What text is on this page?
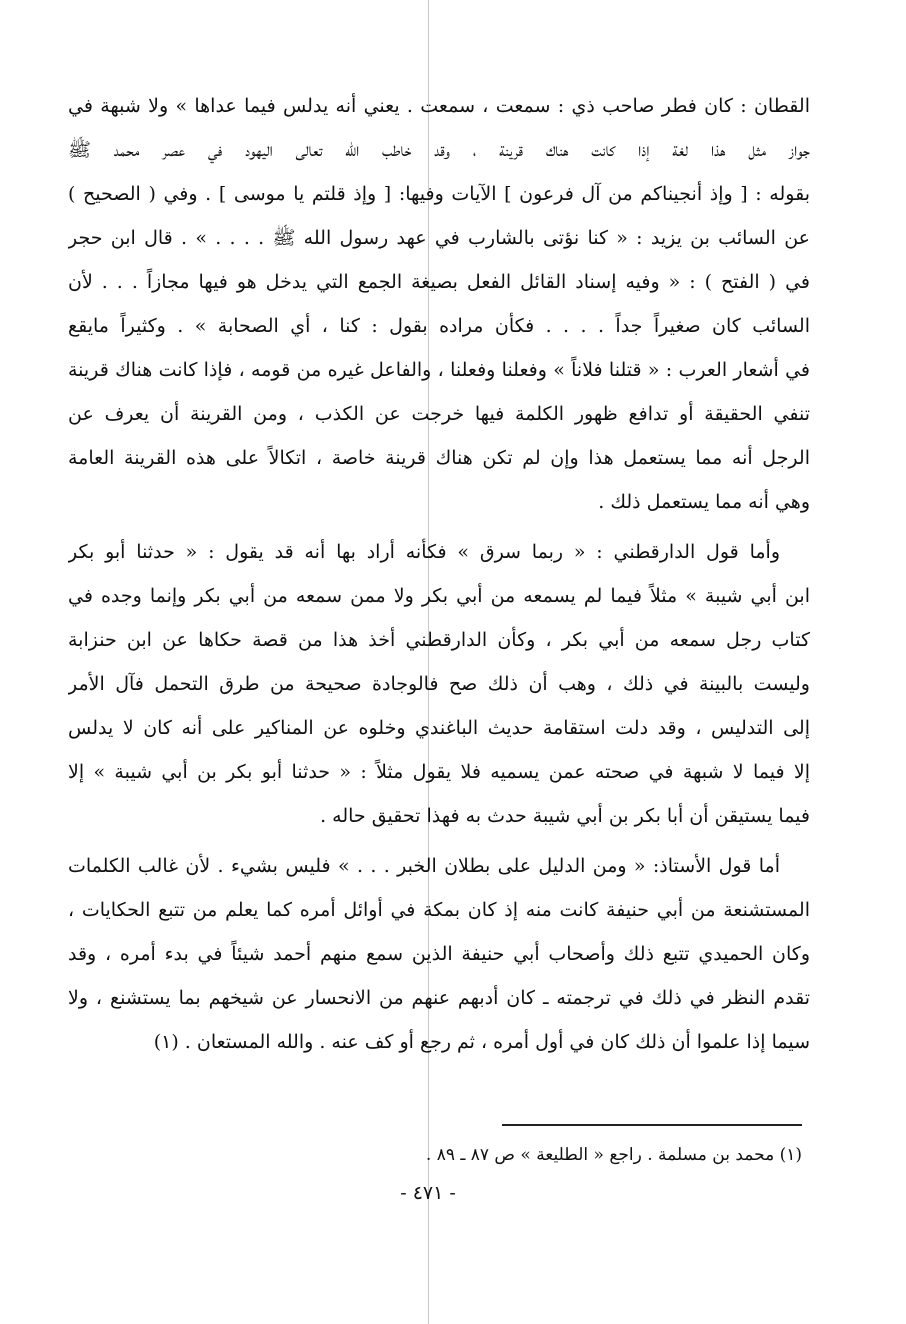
القطان : كان فطر صاحب ذي : سمعت ، سمعت . يعني أنه يدلس فيما عداها » ولا شبهة في
جواز مثل هذا لغة إذا كانت هناك قرينة ، وقد خاطب الله تعالى اليهود في عصر محمد ﷺ
بقوله : [ وإذ أنجيناكم من آل فرعون ] الآيات وفيها: [ وإذ قلتم يا موسى ] . وفي ( الصحيح )
عن السائب بن يزيد : « كنا نؤتى بالشارب في عهد رسول الله ﷺ . . . . » . قال ابن حجر
في ( الفتح ) : « وفيه إسناد القائل الفعل بصيغة الجمع التي يدخل هو فيها مجازاً . . . لأن
السائب كان صغيراً جداً . . . . فكأن مراده بقول : كنا ، أي الصحابة » . وكثيراً مايقع
في أشعار العرب : « قتلنا فلاناً » وفعلنا وفعلنا ، والفاعل غيره من قومه ، فإذا كانت هناك قرينة
تنفي الحقيقة أو تدافع ظهور الكلمة فيها خرجت عن الكذب ، ومن القرينة أن يعرف عن
الرجل أنه مما يستعمل هذا وإن لم تكن هناك قرينة خاصة ، اتكالاً على هذه القرينة العامة
وهي أنه مما يستعمل ذلك .
وأما قول الدارقطني : « ربما سرق » فكأنه أراد بها أنه قد يقول : « حدثنا أبو بكر
ابن أبي شيبة » مثلاً فيما لم يسمعه من أبي بكر ولا ممن سمعه من أبي بكر وإنما وجده في
كتاب رجل سمعه من أبي بكر ، وكأن الدارقطني أخذ هذا من قصة حكاها عن ابن حنزابة
وليست بالبينة في ذلك ، وهب أن ذلك صح فالوجادة صحيحة من طرق التحمل فآل الأمر
إلى التدليس ، وقد دلت استقامة حديث الباغندي وخلوه عن المناكير على أنه كان لا يدلس
إلا فيما لا شبهة في صحته عمن يسميه فلا يقول مثلاً : « حدثنا أبو بكر بن أبي شيبة » إلا
فيما يستيقن أن أبا بكر بن أبي شيبة حدث به فهذا تحقيق حاله .
أما قول الأستاذ: « ومن الدليل على بطلان الخبر . . . » فليس بشيء . لأن غالب الكلمات
المستشنعة من أبي حنيفة كانت منه إذ كان بمكة في أوائل أمره كما يعلم من تتبع الحكايات ،
وكان الحميدي تتبع ذلك وأصحاب أبي حنيفة الذين سمع منهم أحمد شيئاً في بدء أمره ، وقد
تقدم النظر في ذلك في ترجمته ـ كان أدبهم عنهم من الانحسار عن شيخهم بما يستشنع ، ولا
سيما إذا علموا أن ذلك كان في أول أمره ، ثم رجع أو كف عنه . والله المستعان . (١)
(١) محمد بن مسلمة . راجع « الطليعة » ص ٨٧ ـ ٨٩ .
- ٤٧١ -
